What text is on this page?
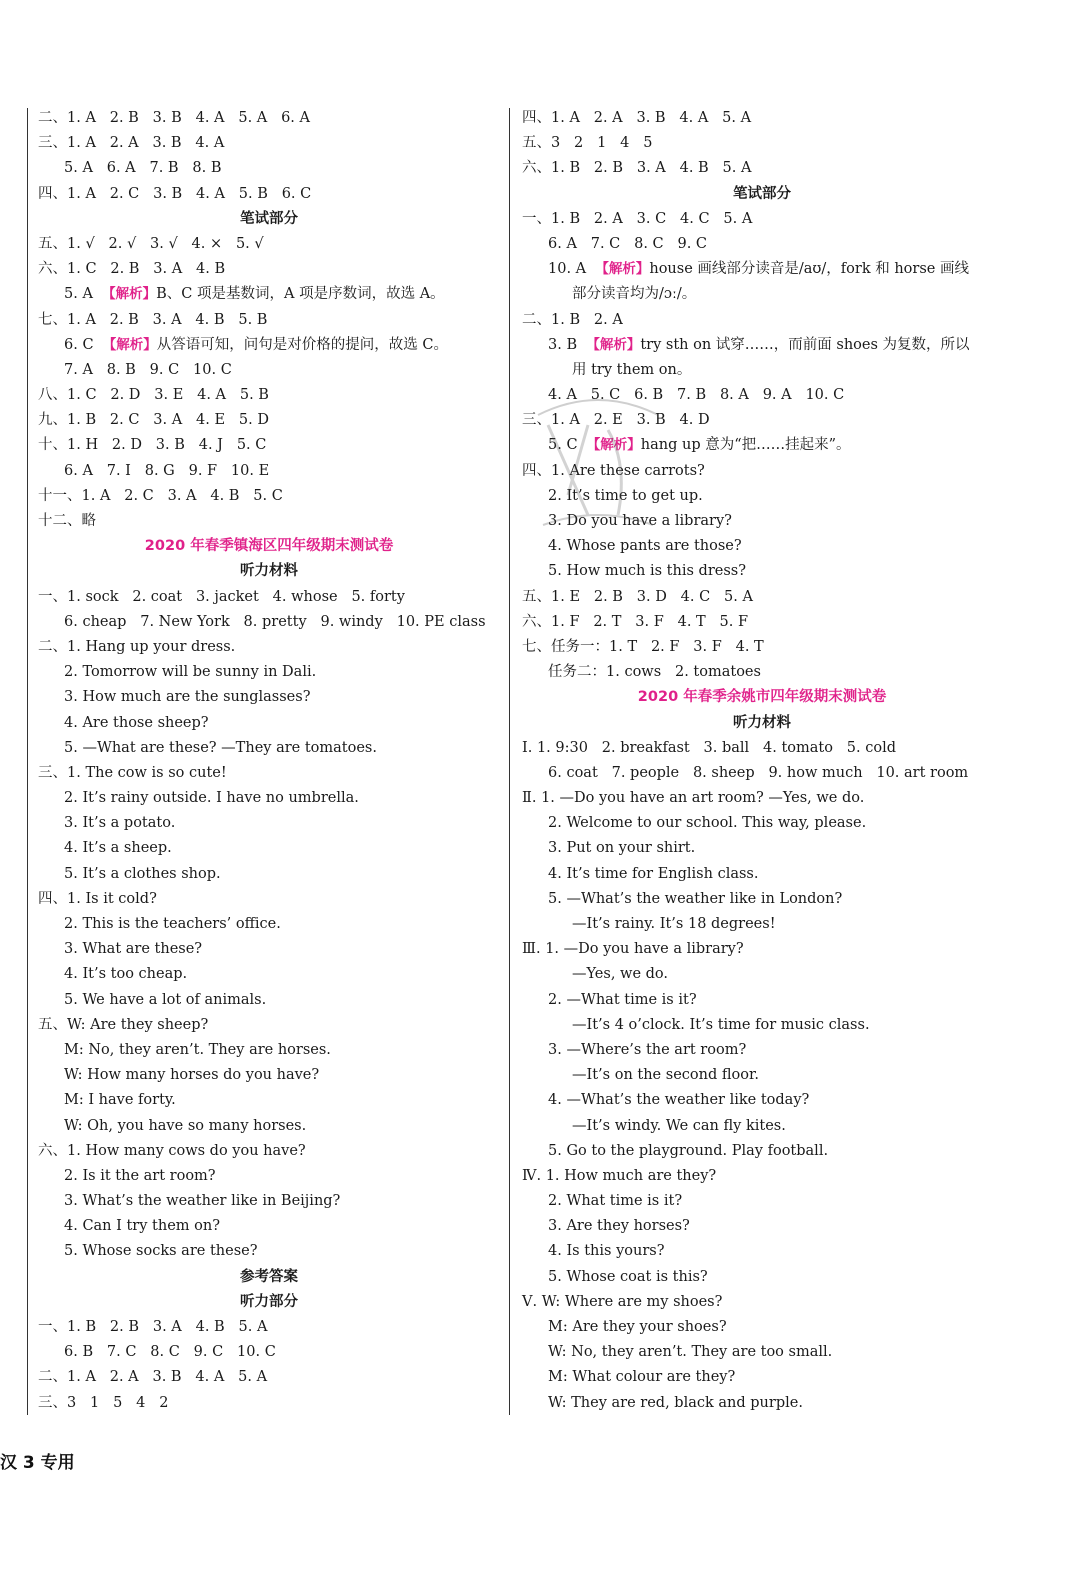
二、1. A   2. B   3. B   4. A   5. A   6. A
三、1. A   2. A   3. B   4. A
5. A   6. A   7. B   8. B
四、1. A   2. C   3. B   4. A   5. B   6. C
笔试部分
五、1. √   2. √   3. √   4. ×   5. √
六、1. C   2. B   3. A   4. B
5. A  【解析】B、C 项是基数词，A 项是序数词，故选 A。
七、1. A   2. B   3. A   4. B   5. B
6. C  【解析】从答语可知，问句是对价格的提问，故选 C。
7. A   8. B   9. C   10. C
八、1. C   2. D   3. E   4. A   5. B
九、1. B   2. C   3. A   4. E   5. D
十、1. H   2. D   3. B   4. J   5. C
6. A   7. I   8. G   9. F   10. E
十一、1. A   2. C   3. A   4. B   5. C
十二、略
2020 年春季镇海区四年级期末测试卷
听力材料
一、1. sock   2. coat   3. jacket   4. whose   5. forty
6. cheap   7. New York   8. pretty   9. windy   10. PE class
二、1. Hang up your dress.
2. Tomorrow will be sunny in Dali.
3. How much are the sunglasses?
4. Are those sheep?
5. —What are these? —They are tomatoes.
三、1. The cow is so cute!
2. It’s rainy outside. I have no umbrella.
3. It’s a potato.
4. It’s a sheep.
5. It’s a clothes shop.
四、1. Is it cold?
2. This is the teachers’ office.
3. What are these?
4. It’s too cheap.
5. We have a lot of animals.
五、W: Are they sheep?
M: No, they aren’t. They are horses.
W: How many horses do you have?
M: I have forty.
W: Oh, you have so many horses.
六、1. How many cows do you have?
2. Is it the art room?
3. What’s the weather like in Beijing?
4. Can I try them on?
5. Whose socks are these?
参考答案
听力部分
一、1. B   2. B   3. A   4. B   5. A
6. B   7. C   8. C   9. C   10. C
二、1. A   2. A   3. B   4. A   5. A
三、3   1   5   4   2
四、1. A   2. A   3. B   4. A   5. A
五、3   2   1   4   5
六、1. B   2. B   3. A   4. B   5. A
笔试部分
一、1. B   2. A   3. C   4. C   5. A
6. A   7. C   8. C   9. C
10. A  【解析】house 画线部分读音是/aʊ/，fork 和 horse 画线
部分读音均为/ɔː/。
二、1. B   2. A
3. B  【解析】try sth on 试穿……，而前面 shoes 为复数，所以
用 try them on。
4. A   5. C   6. B   7. B   8. A   9. A   10. C
三、1. A   2. E   3. B   4. D
5. C  【解析】hang up 意为“把……挂起来”。
四、1. Are these carrots?
2. It’s time to get up.
3. Do you have a library?
4. Whose pants are those?
5. How much is this dress?
五、1. E   2. B   3. D   4. C   5. A
六、1. F   2. T   3. F   4. T   5. F
七、任务一：1. T   2. F   3. F   4. T
任务二：1. cows   2. tomatoes
2020 年春季余姚市四年级期末测试卷
听力材料
Ⅰ. 1. 9:30   2. breakfast   3. ball   4. tomato   5. cold
6. coat   7. people   8. sheep   9. how much   10. art room
Ⅱ. 1. —Do you have an art room? —Yes, we do.
2. Welcome to our school. This way, please.
3. Put on your shirt.
4. It’s time for English class.
5. —What’s the weather like in London?
—It’s rainy. It’s 18 degrees!
Ⅲ. 1. —Do you have a library?
—Yes, we do.
2. —What time is it?
—It’s 4 o’clock. It’s time for music class.
3. —Where’s the art room?
—It’s on the second floor.
4. —What’s the weather like today?
—It’s windy. We can fly kites.
5. Go to the playground. Play football.
Ⅳ. 1. How much are they?
2. What time is it?
3. Are they horses?
4. Is this yours?
5. Whose coat is this?
Ⅴ. W: Where are my shoes?
M: Are they your shoes?
W: No, they aren’t. They are too small.
M: What colour are they?
W: They are red, black and purple.
汉 3 专用
